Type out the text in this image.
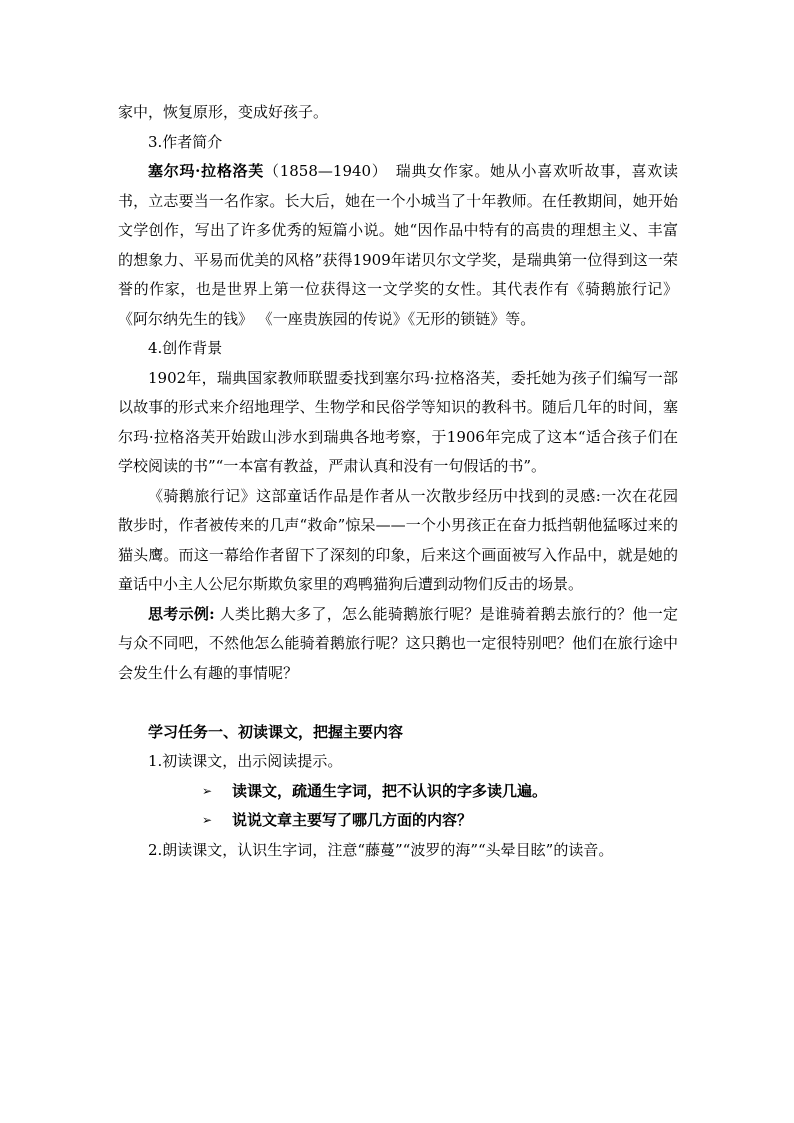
家中，恢复原形，变成好孩子。

3.作者简介

塞尔玛·拉格洛芙（1858—1940）　瑞典女作家。她从小喜欢听故事，喜欢读书，立志要当一名作家。长大后，她在一个小城当了十年教师。在任教期间，她开始文学创作，写出了许多优秀的短篇小说。她“因作品中特有的高贵的理想主义、丰富的想象力、平易而优美的风格”获得1909年诺贝尔文学奖，是瑞典第一位得到这一荣誉的作家，也是世界上第一位获得这一文学奖的女性。其代表作有《骑鹅旅行记》《阿尔纳先生的钱》 《一座贵族园的传说》《无形的锁链》等。

4.创作背景

1902年，瑞典国家教师联盟委找到塞尔玛·拉格洛芙，委托她为孩子们编写一部以故事的形式来介绍地理学、生物学和民俗学等知识的教科书。随后几年的时间，塞尔玛·拉格洛芙开始跋山涉水到瑞典各地考察，于1906年完成了这本“适合孩子们在学校阅读的书”“一本富有教益，严肃认真和没有一句假话的书”。

《骑鹅旅行记》这部童话作品是作者从一次散步经历中找到的灵感:一次在花园散步时，作者被传来的几声“救命”惊呆——一个小男孩正在奋力抵挡朝他猛啄过来的猫头鹰。而这一幕给作者留下了深刻的印象，后来这个画面被写入作品中，就是她的童话中小主人公尼尔斯欺负家里的鸡鸭猫狗后遭到动物们反击的场景。

思考示例: 人类比鹅大多了，怎么能骑鹅旅行呢？是谁骑着鹅去旅行的？他一定与众不同吧，不然他怎么能骑着鹅旅行呢？这只鹅也一定很特别吧？他们在旅行途中会发生什么有趣的事情呢？

学习任务一、初读课文，把握主要内容

1.初读课文，出示阅读提示。

➢ 读课文，疏通生字词，把不认识的字多读几遍。

➢ 说说文章主要写了哪几方面的内容？

2.朗读课文，认识生字词，注意“藤蔓”“波罗的海”“头晕目眩”的读音。
